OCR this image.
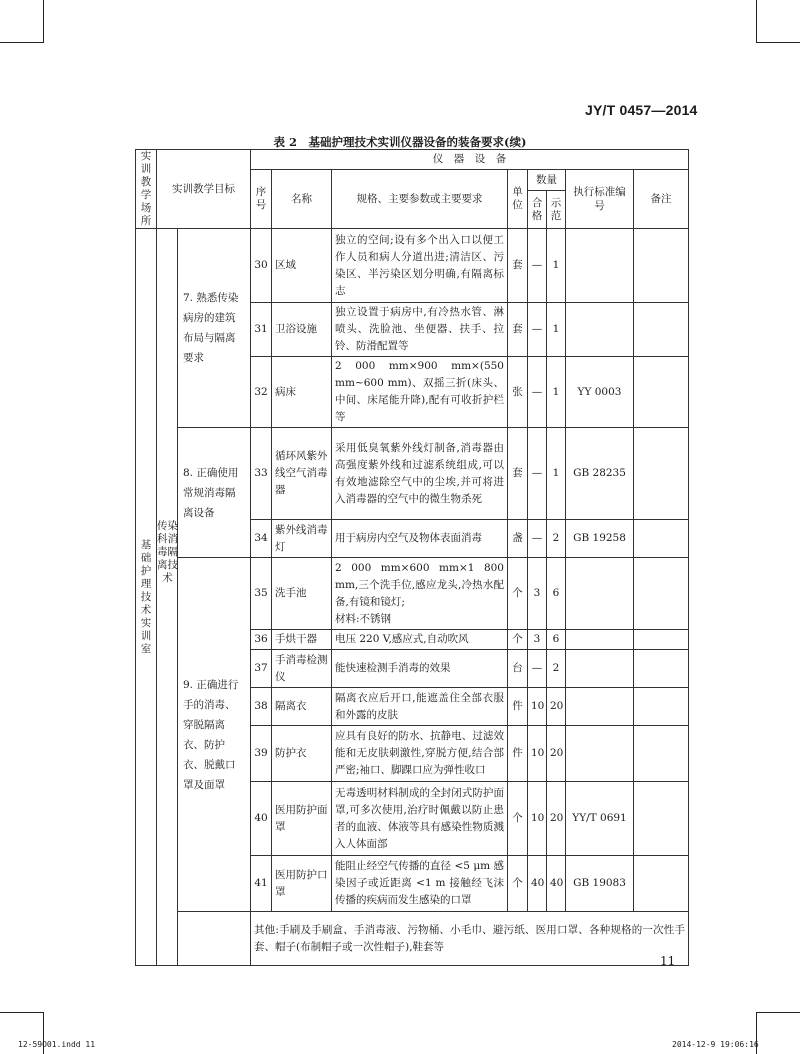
JY/T 0457—2014
表 2　基础护理技术实训仪器设备的装备要求(续)
实训教学场所	实训教学目标		仪　器　设　备							
			序号	名称	规格、主要参数或主要要求	单位	数量		执行标准编号	备注
							合格	示范		
基础护理技术实训室		7. 熟悉传染病房的建筑布局与隔离要求	30	区域	独立的空间;设有多个出入口以便工作人员和病人分道出进;清洁区、污染区、半污染区划分明确,有隔离标志	套	—	1		
			31	卫浴设施	独立设置于病房中,有冷热水管、淋喷头、洗脸池、坐便器、扶手、拉铃、防滑配置等	套	—	1		
			32	病床	2 000 mm×900 mm×(550 mm~600 mm)、双摇三折(床头、中间、床尾能升降),配有可收折护栏等	张	—	1	YY 0003	
		8. 正确使用常规消毒隔离设备	33	循环风紫外线空气消毒器	采用低臭氧紫外线灯制备,消毒器由高强度紫外线和过滤系统组成,可以有效地滤除空气中的尘埃,并可将进入消毒器的空气中的微生物杀死	套	—	1	GB 28235	
			34	紫外线消毒灯	用于病房内空气及物体表面消毒	盏	—	2	GB 19258	
		9. 正确进行手的消毒、穿脱隔离衣、防护衣、脱戴口罩及面罩	35	洗手池	2 000 mm×600 mm×1 800 mm,三个洗手位,感应龙头,冷热水配备,有镜和镜灯;
材料:不锈钢	个	3	6		
			36	手烘干器	电压 220 V,感应式,自动吹风	个	3	6		
			37	手消毒检测仪	能快速检测手消毒的效果	台	—	2		
			38	隔离衣	隔离衣应后开口,能遮盖住全部衣服和外露的皮肤	件	10	20		
			39	防护衣	应具有良好的防水、抗静电、过滤效能和无皮肤刺激性,穿脱方便,结合部严密;袖口、脚踝口应为弹性收口	件	10	20		
			40	医用防护面罩	无毒透明材料制成的全封闭式防护面罩,可多次使用,治疗时佩戴以防止患者的血液、体液等具有感染性物质溅入人体面部	个	10	20	YY/T 0691	
			41	医用防护口罩	能阻止经空气传播的直径 <5 μm 感染因子或近距离 <1 m 接触经飞沫传播的疾病而发生感染的口罩	个	40	40	GB 19083	
			其他:手刷及手刷盒、手消毒液、污物桶、小毛巾、避污纸、医用口罩、各种规格的一次性手套、帽子(布制帽子或一次性帽子),鞋套等							
传染科消毒隔离技术
11
12-59O01.indd 11	2014-12-9 19:06:16
